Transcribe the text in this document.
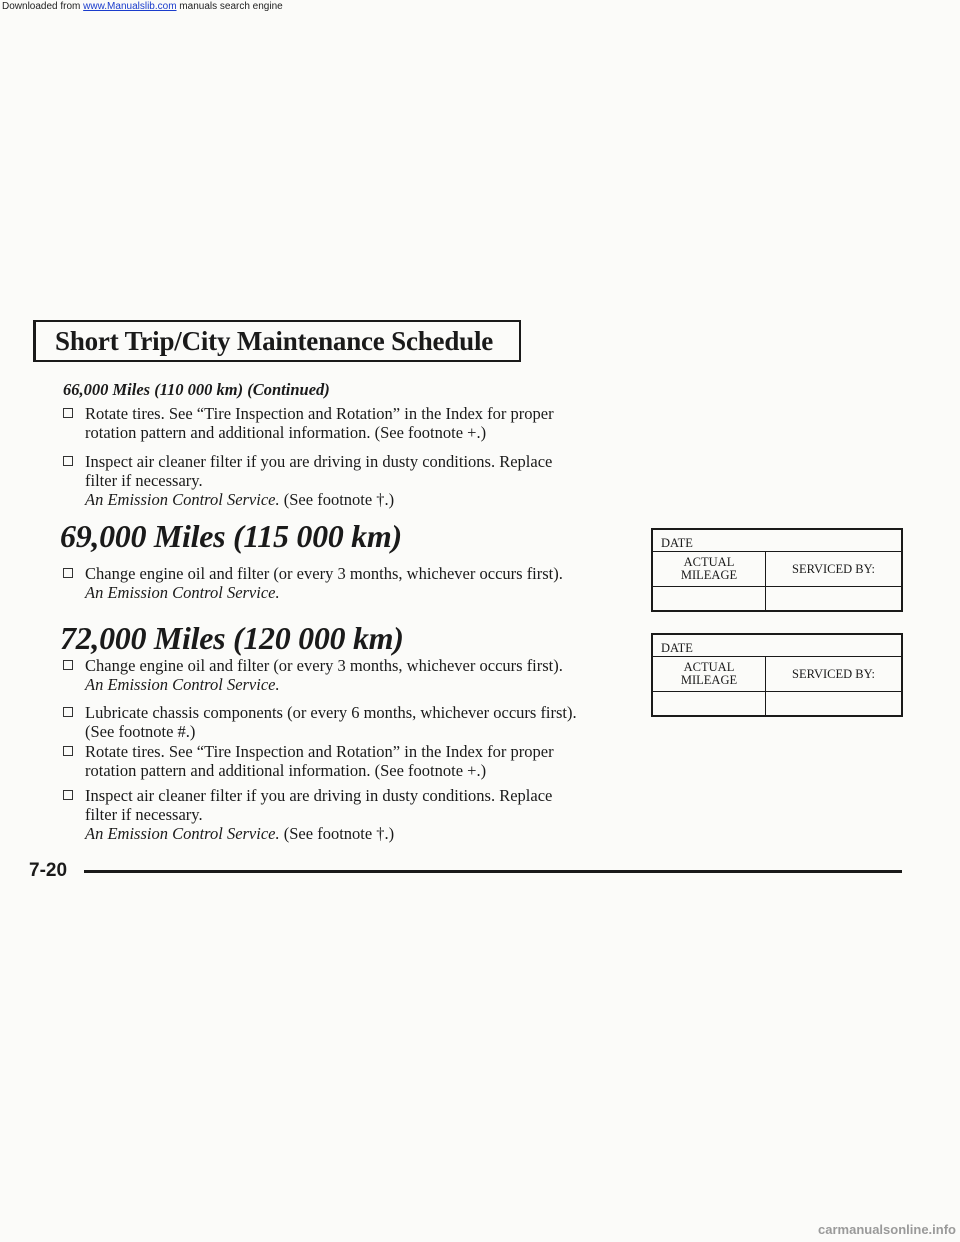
Downloaded from www.Manualslib.com manuals search engine
Short Trip/City Maintenance Schedule
66,000 Miles (110 000 km) (Continued)
Rotate tires. See “Tire Inspection and Rotation” in the Index for proper
rotation pattern and additional information. (See footnote +.)
Inspect air cleaner filter if you are driving in dusty conditions. Replace
filter if necessary.
An Emission Control Service. (See footnote †.)
69,000 Miles (115 000 km)
Change engine oil and filter (or every 3 months, whichever occurs first).
An Emission Control Service.
72,000 Miles (120 000 km)
Change engine oil and filter (or every 3 months, whichever occurs first).
An Emission Control Service.
Lubricate chassis components (or every 6 months, whichever occurs first).
(See footnote #.)
Rotate tires. See “Tire Inspection and Rotation” in the Index for proper
rotation pattern and additional information. (See footnote +.)
Inspect air cleaner filter if you are driving in dusty conditions. Replace
filter if necessary.
An Emission Control Service. (See footnote †.)
DATE
ACTUAL
MILEAGE	SERVICED BY:
DATE
ACTUAL
MILEAGE	SERVICED BY:
7-20
carmanualsonline.info
